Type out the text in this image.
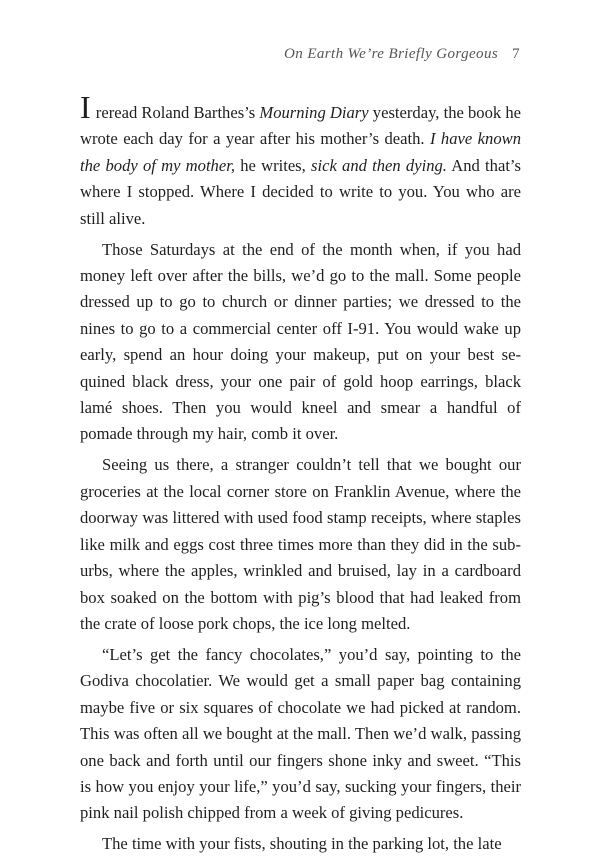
On Earth We’re Briefly Gorgeous 7

I reread Roland Barthes’s Mourning Diary yesterday, the book he wrote each day for a year after his mother’s death. I have known the body of my mother, he writes, sick and then dying. And that’s where I stopped. Where I decided to write to you. You who are still alive.

Those Saturdays at the end of the month when, if you had money left over after the bills, we’d go to the mall. Some people dressed up to go to church or dinner parties; we dressed to the nines to go to a commercial center off I-91. You would wake up early, spend an hour doing your makeup, put on your best sequined black dress, your one pair of gold hoop earrings, black lamé shoes. Then you would kneel and smear a handful of pomade through my hair, comb it over.

Seeing us there, a stranger couldn’t tell that we bought our groceries at the local corner store on Franklin Avenue, where the doorway was littered with used food stamp receipts, where staples like milk and eggs cost three times more than they did in the suburbs, where the apples, wrinkled and bruised, lay in a cardboard box soaked on the bottom with pig’s blood that had leaked from the crate of loose pork chops, the ice long melted.

“Let’s get the fancy chocolates,” you’d say, pointing to the Godiva chocolatier. We would get a small paper bag containing maybe five or six squares of chocolate we had picked at random. This was often all we bought at the mall. Then we’d walk, passing one back and forth until our fingers shone inky and sweet. “This is how you enjoy your life,” you’d say, sucking your fingers, their pink nail polish chipped from a week of giving pedicures.

The time with your fists, shouting in the parking lot, the late
